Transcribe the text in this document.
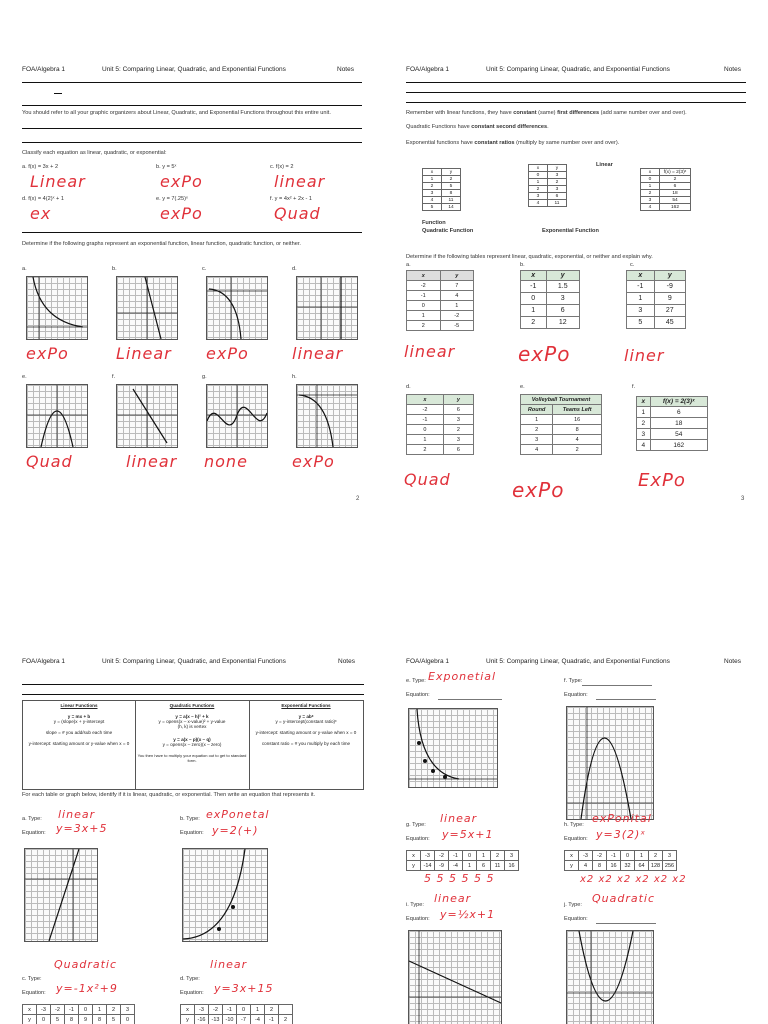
FOA/Algebra 1	Unit 5: Comparing Linear, Quadratic, and Exponential Functions	Notes
You should refer to all your graphic organizers about Linear, Quadratic, and Exponential Functions throughout this entire unit.
Classify each equation as linear, quadratic, or exponential:
a. f(x) = 3x + 2
Linear
b. y = 5ˣ
exPo
c. f(x) = 2
linear
d. f(x) = 4(2)ˣ + 1
ex
e. y = 7(.25)ˣ
exPo
f. y = 4x² + 2x - 1
Quad
Determine if the following graphs represent an exponential function, linear function, quadratic function, or neither.
a.
exPo
b.
Linear
c.
exPo
d.
linear
e.
Quad
f.
linear
g.
none
h.
exPo
2
FOA/Algebra 1	Unit 5: Comparing Linear, Quadratic, and Exponential Functions	Notes
Remember with linear functions, they have constant (same) first differences (add same number over and over).
Quadratic Functions have constant second differences.
Exponential functions have constant ratios (multiply by same number over and over).
x	y
1	2
2	5
3	8
4	11
5	14
Function
Quadratic Function
x	y
0	3
1	2
2	3
3	6
4	11
Linear
Exponential Function
x	f(x) = 2(3)ˣ
0	2
1	6
2	18
3	54
4	162
Determine if the following tables represent linear, quadratic, exponential, or neither and explain why.
a.
x	y
-2	7
-1	4
0	1
1	-2
2	-5
linear
b.
x	y
-1	1.5
0	3
1	6
2	12
exPo
c.
x	y
-1	-9
1	9
3	27
5	45
liner
d.
x	y
-2	6
-1	3
0	2
1	3
2	6
Quad
e.
Volleyball Tournament	
Round	Teams Left
1	16
2	8
3	4
4	2
exPo
f.
x	f(x) = 2(3)ˣ
1	6
2	18
3	54
4	162
ExPo
3
FOA/Algebra 1	Unit 5: Comparing Linear, Quadratic, and Exponential Functions	Notes
Linear Functions
y = mx + b
y = (slope)x + y-intercept
slope = # you add/sub each time
y-intercept: starting amount or y-value when x = 0
Quadratic Functions
y = a(x – h)² + k
y = opens(x – x-value)² + y-value
(h, k) is vertex
y = a(x – p)(x – q)
y = opens(x – zero)(x – zero)
You then have to multiply your equation out to get to standard form.
Exponential Functions
y = abˣ
y = y-intercept(constant ratio)ˣ
y-intercept: starting amount or y-value when x = 0
constant ratio = # you multiply by each time
For each table or graph below, identify if it is linear, quadratic, or exponential. Then write an equation that represents it.
a. Type: linear
Equation: y=3x+5
b. Type: exPonetal
Equation: y=2(+)
c. Type:
Quadratic
Equation: y=-1x²+9
x	-3	-2	-1	0	1	2	3
y	0	5	8	9	8	5	0
d. Type:
linear
Equation: y=3x+15
x	-3	-2	-1	0	1	2	
y	-16	-13	-10	-7	-4	-1	2
FOA/Algebra 1	Unit 5: Comparing Linear, Quadratic, and Exponential Functions	Notes
e. Type: Exponetial
Equation:
f. Type:
Equation:
g. Type: linear
Equation: y=5x+1
x	-3	-2	-1	0	1	2	3
y	-14	-9	-4	1	6	11	16
5 5 5 5 5 5
h. Type: exPonital
Equation: y=3(2)ˣ
x	-3	-2	-1	0	1	2	3
y	4	8	16	32	64	128	256
x2 x2 x2 x2 x2 x2
i. Type: linear
Equation: y=½x+1
j. Type: Quadratic
Equation:
